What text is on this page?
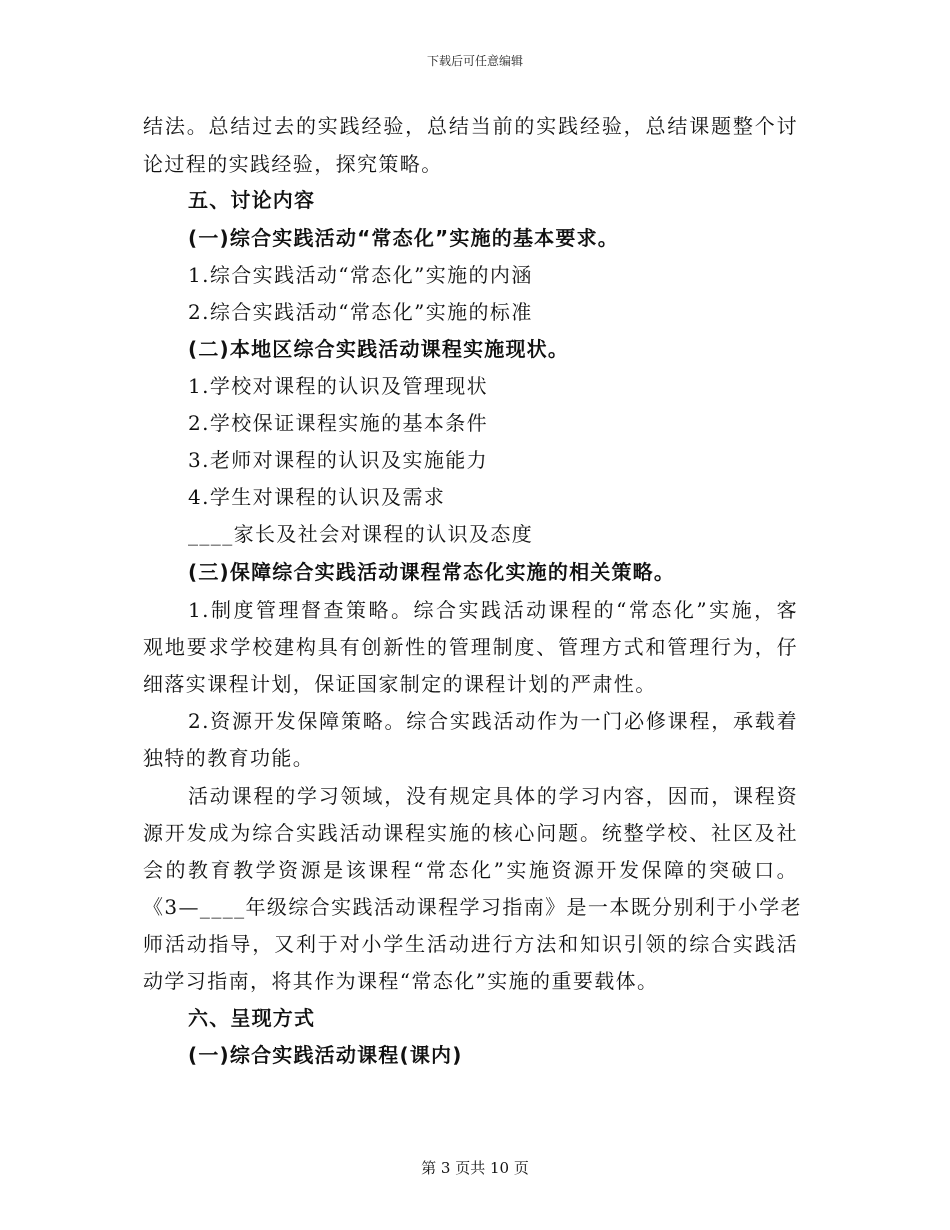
下载后可任意编辑
结法。总结过去的实践经验，总结当前的实践经验，总结课题整个讨
论过程的实践经验，探究策略。
五、讨论内容
(一)综合实践活动“常态化”实施的基本要求。
1.综合实践活动“常态化”实施的内涵
2.综合实践活动“常态化”实施的标准
(二)本地区综合实践活动课程实施现状。
1.学校对课程的认识及管理现状
2.学校保证课程实施的基本条件
3.老师对课程的认识及实施能力
4.学生对课程的认识及需求
____家长及社会对课程的认识及态度
(三)保障综合实践活动课程常态化实施的相关策略。
1.制度管理督查策略。综合实践活动课程的“常态化”实施，客
观地要求学校建构具有创新性的管理制度、管理方式和管理行为，仔
细落实课程计划，保证国家制定的课程计划的严肃性。
2.资源开发保障策略。综合实践活动作为一门必修课程，承载着
独特的教育功能。
活动课程的学习领域，没有规定具体的学习内容，因而，课程资
源开发成为综合实践活动课程实施的核心问题。统整学校、社区及社
会的教育教学资源是该课程“常态化”实施资源开发保障的突破口。
《3—____年级综合实践活动课程学习指南》是一本既分别利于小学老
师活动指导，又利于对小学生活动进行方法和知识引领的综合实践活
动学习指南，将其作为课程“常态化”实施的重要载体。
六、呈现方式
(一)综合实践活动课程(课内)
第 3 页共 10 页
